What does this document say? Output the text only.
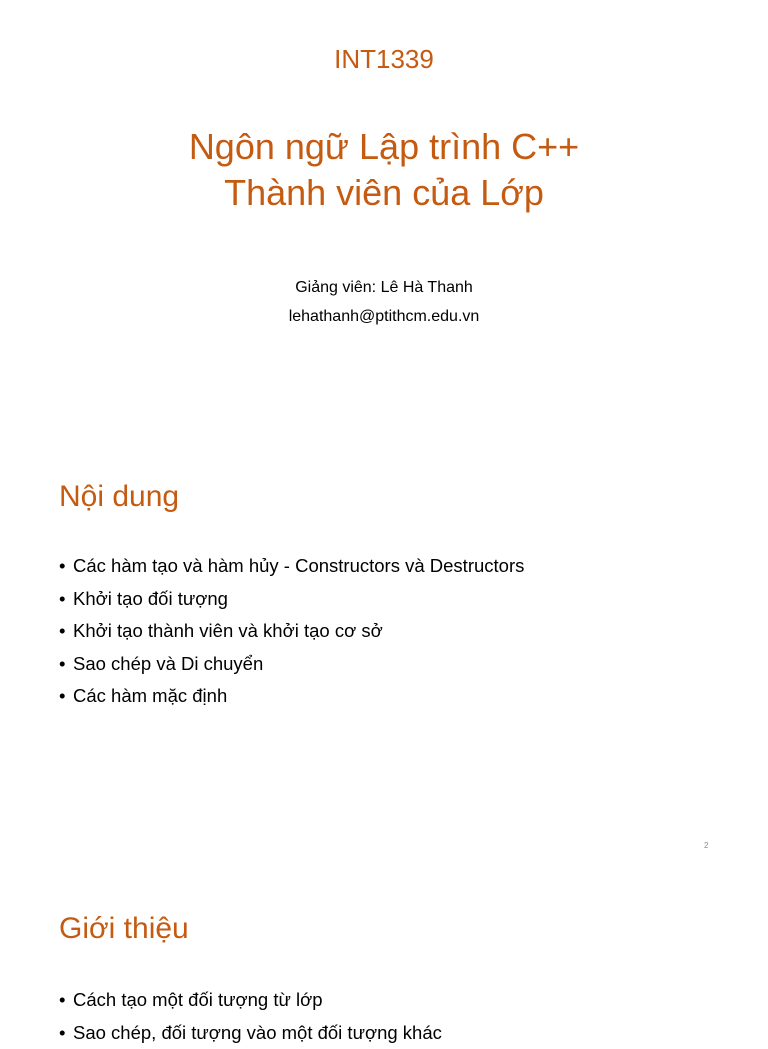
INT1339
Ngôn ngữ Lập trình C++
Thành viên của Lớp
Giảng viên: Lê Hà Thanh
lehathanh@ptithcm.edu.vn
Nội dung
• Các hàm tạo và hàm hủy - Constructors và Destructors
• Khởi tạo đối tượng
• Khởi tạo thành viên và khởi tạo cơ sở
• Sao chép và Di chuyển
• Các hàm mặc định
2
Giới thiệu
• Cách tạo một đối tượng từ lớp
• Sao chép, đối tượng vào một đối tượng khác
